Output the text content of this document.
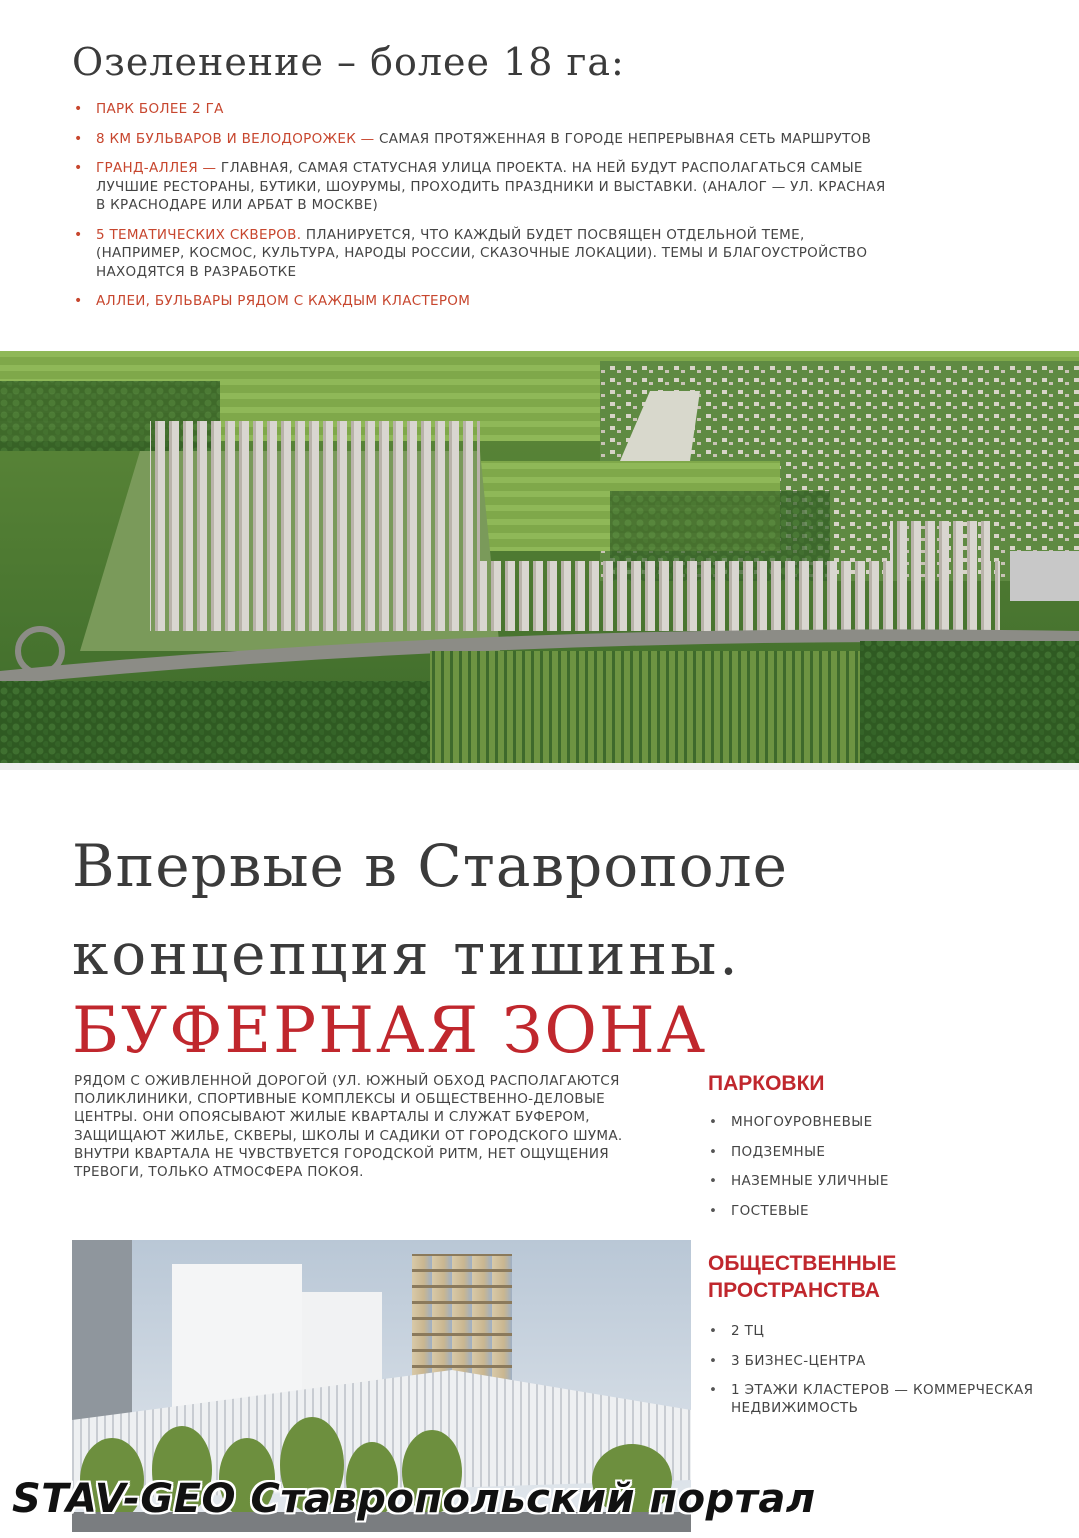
Озеленение – более 18 га:
• ПАРК БОЛЕЕ 2 ГА
• 8 КМ БУЛЬВАРОВ И ВЕЛОДОРОЖЕК — САМАЯ ПРОТЯЖЕННАЯ В ГОРОДЕ НЕПРЕРЫВНАЯ СЕТЬ МАРШРУТОВ
• ГРАНД-АЛЛЕЯ — ГЛАВНАЯ, САМАЯ СТАТУСНАЯ УЛИЦА ПРОЕКТА. НА НЕЙ БУДУТ РАСПОЛАГАТЬСЯ САМЫЕ ЛУЧШИЕ РЕСТОРАНЫ, БУТИКИ, ШОУРУМЫ, ПРОХОДИТЬ ПРАЗДНИКИ И ВЫСТАВКИ. (АНАЛОГ — УЛ. КРАСНАЯ В КРАСНОДАРЕ ИЛИ АРБАТ В МОСКВЕ)
• 5 ТЕМАТИЧЕСКИХ СКВЕРОВ. ПЛАНИРУЕТСЯ, ЧТО КАЖДЫЙ БУДЕТ ПОСВЯЩЕН ОТДЕЛЬНОЙ ТЕМЕ, (НАПРИМЕР, КОСМОС, КУЛЬТУРА, НАРОДЫ РОССИИ, СКАЗОЧНЫЕ ЛОКАЦИИ). ТЕМЫ И БЛАГОУСТРОЙСТВО НАХОДЯТСЯ В РАЗРАБОТКЕ
• АЛЛЕИ, БУЛЬВАРЫ РЯДОМ С КАЖДЫМ КЛАСТЕРОМ
Впервые в Ставрополе
концепция тишины.
БУФЕРНАЯ ЗОНА
РЯДОМ С ОЖИВЛЕННОЙ ДОРОГОЙ (УЛ. ЮЖНЫЙ ОБХОД РАСПОЛАГАЮТСЯ ПОЛИКЛИНИКИ, СПОРТИВНЫЕ КОМПЛЕКСЫ И ОБЩЕСТВЕННО-ДЕЛОВЫЕ ЦЕНТРЫ. ОНИ ОПОЯСЫВАЮТ ЖИЛЫЕ КВАРТАЛЫ И СЛУЖАТ БУФЕРОМ, ЗАЩИЩАЮТ ЖИЛЬЕ, СКВЕРЫ, ШКОЛЫ И САДИКИ ОТ ГОРОДСКОГО ШУМА. ВНУТРИ КВАРТАЛА НЕ ЧУВСТВУЕТСЯ ГОРОДСКОЙ РИТМ, НЕТ ОЩУЩЕНИЯ ТРЕВОГИ, ТОЛЬКО АТМОСФЕРА ПОКОЯ.
ПАРКОВКИ
• МНОГОУРОВНЕВЫЕ
• ПОДЗЕМНЫЕ
• НАЗЕМНЫЕ УЛИЧНЫЕ
• ГОСТЕВЫЕ
ОБЩЕСТВЕННЫЕ ПРОСТРАНСТВА
• 2 ТЦ
• 3 БИЗНЕС-ЦЕНТРА
• 1 ЭТАЖИ КЛАСТЕРОВ — КОММЕРЧЕСКАЯ НЕДВИЖИМОСТЬ
STAV-GEO Ставропольский портал
